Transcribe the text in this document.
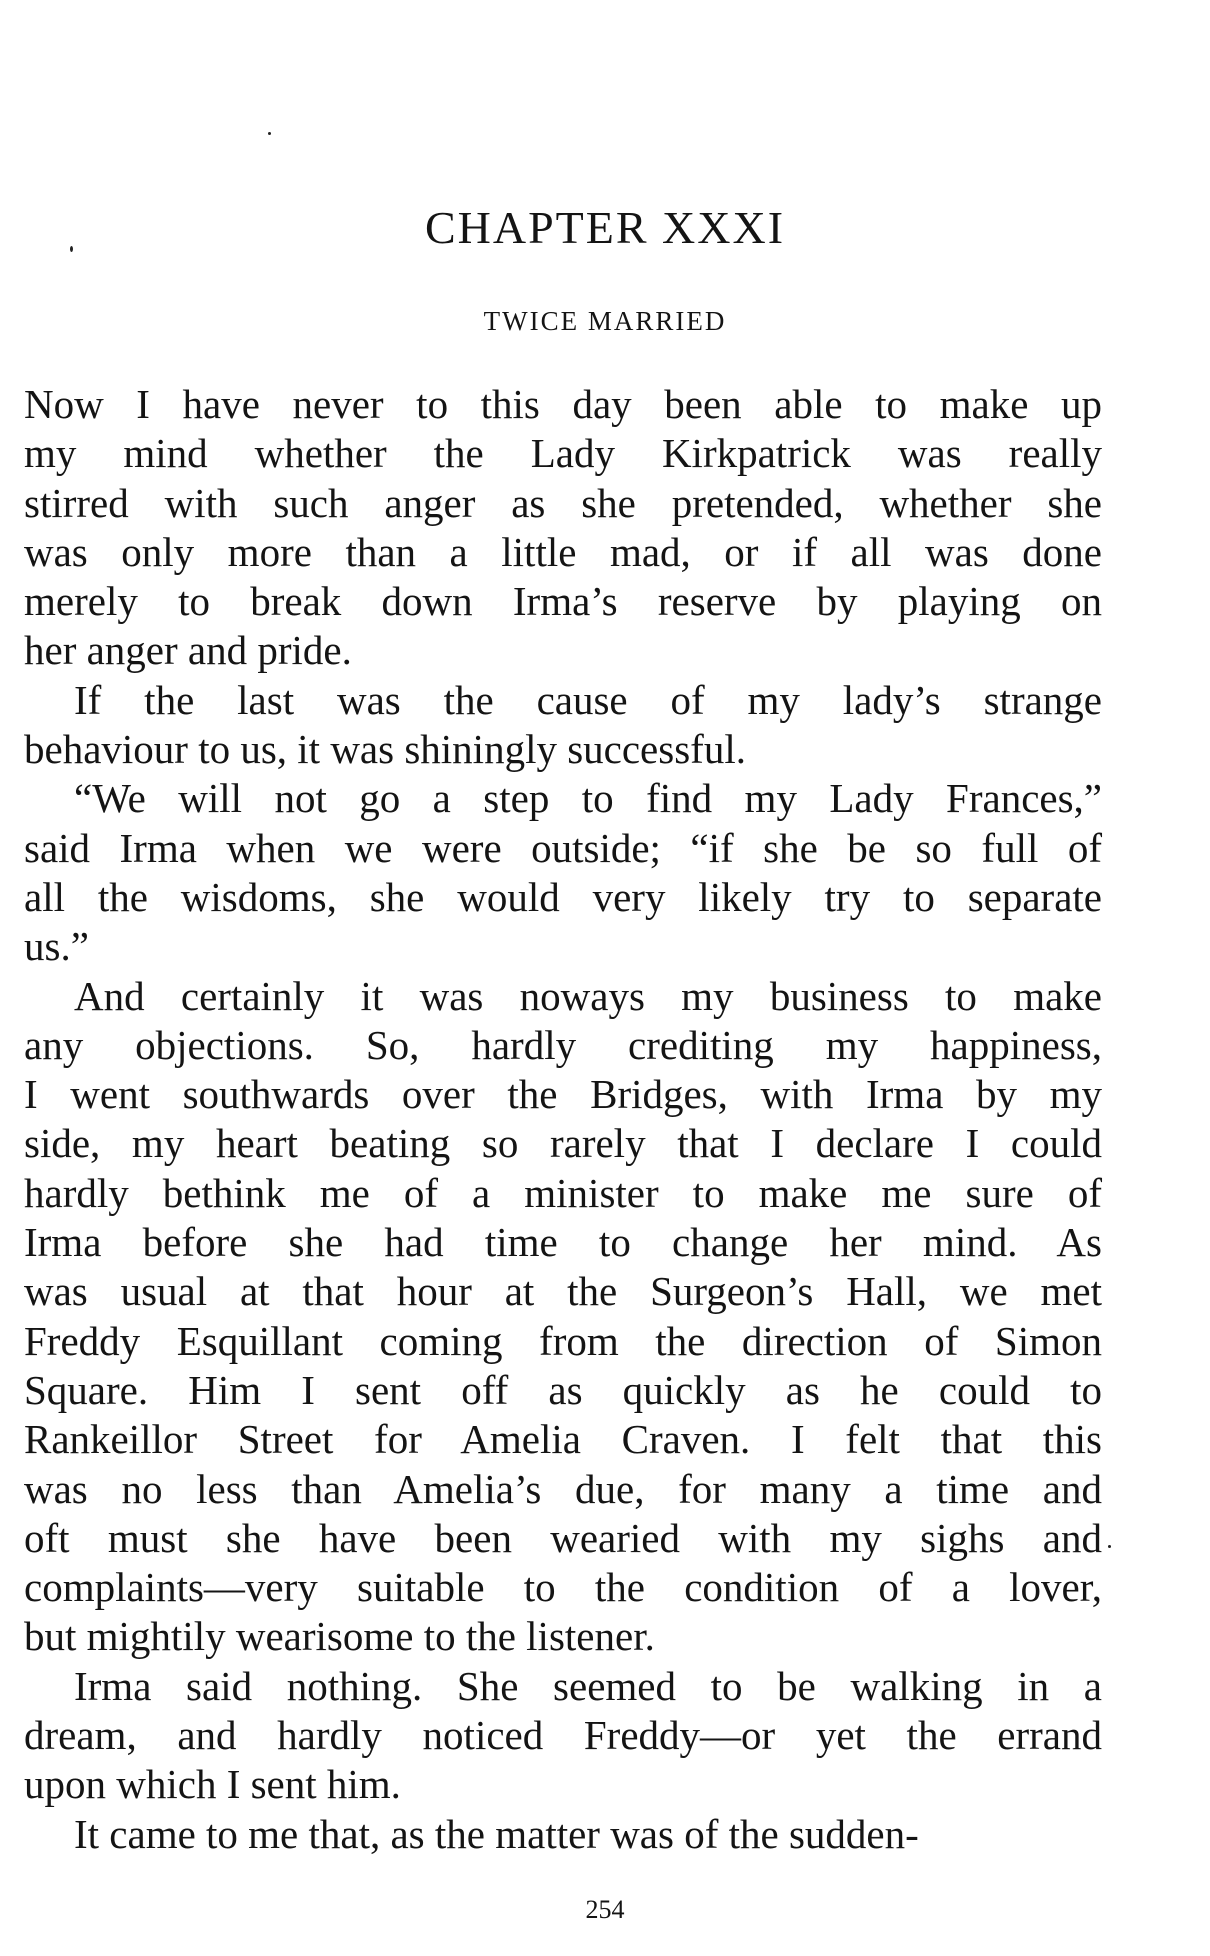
CHAPTER XXXI
TWICE MARRIED
Now I have never to this day been able to make up
my mind whether the Lady Kirkpatrick was really
stirred with such anger as she pretended, whether she
was only more than a little mad, or if all was done
merely to break down Irma’s reserve by playing on
her anger and pride.
If the last was the cause of my lady’s strange
behaviour to us, it was shiningly successful.
“We will not go a step to find my Lady Frances,”
said Irma when we were outside; “if she be so full of
all the wisdoms, she would very likely try to separate
us.”
And certainly it was noways my business to make
any objections. So, hardly crediting my happiness,
I went southwards over the Bridges, with Irma by my
side, my heart beating so rarely that I declare I could
hardly bethink me of a minister to make me sure of
Irma before she had time to change her mind. As
was usual at that hour at the Surgeon’s Hall, we met
Freddy Esquillant coming from the direction of Simon
Square. Him I sent off as quickly as he could to
Rankeillor Street for Amelia Craven. I felt that this
was no less than Amelia’s due, for many a time and
oft must she have been wearied with my sighs and
complaints—very suitable to the condition of a lover,
but mightily wearisome to the listener.
Irma said nothing. She seemed to be walking in a
dream, and hardly noticed Freddy—or yet the errand
upon which I sent him.
It came to me that, as the matter was of the sudden-
254
